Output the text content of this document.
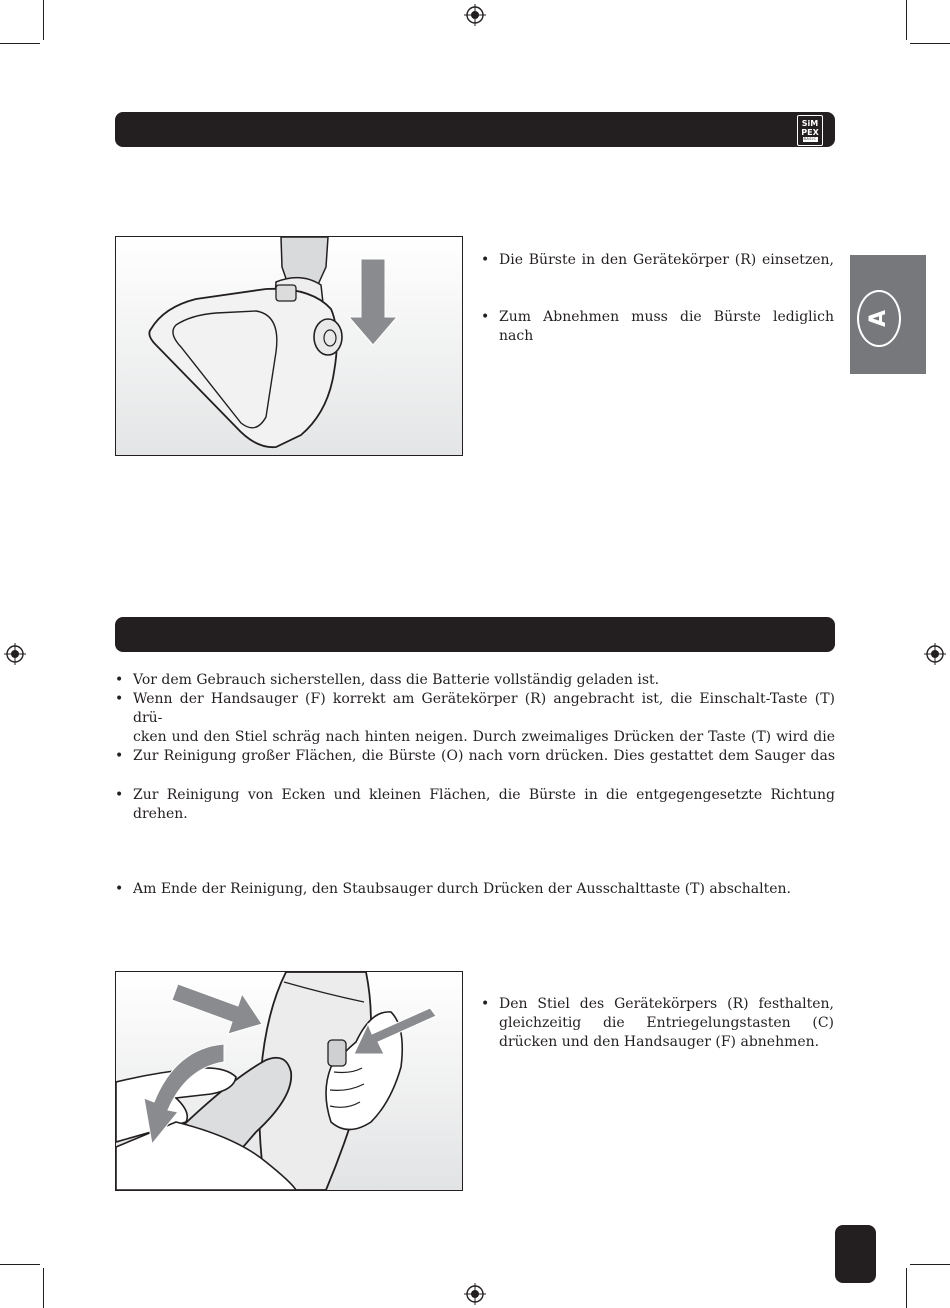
SiM
PEX
BASIC
A
• Die Bürste in den Gerätekörper (R) einsetzen,
• Zum Abnehmen muss die Bürste lediglich nach
• Vor dem Gebrauch sicherstellen, dass die Batterie vollständig geladen ist.
• Wenn der Handsauger (F) korrekt am Gerätekörper (R) angebracht ist, die Einschalt-Taste (T) drü-
cken und den Stiel schräg nach hinten neigen. Durch zweimaliges Drücken der Taste (T) wird die
• Zur Reinigung großer Flächen, die Bürste (O) nach vorn drücken. Dies gestattet dem Sauger das
• Zur Reinigung von Ecken und kleinen Flächen, die Bürste in die entgegengesetzte Richtung drehen.
• Am Ende der Reinigung, den Staubsauger durch Drücken der Ausschalttaste (T) abschalten.
• Den Stiel des Gerätekörpers (R) festhalten, gleichzeitig die Entriegelungstasten (C) drücken und den Handsauger (F) abnehmen.
